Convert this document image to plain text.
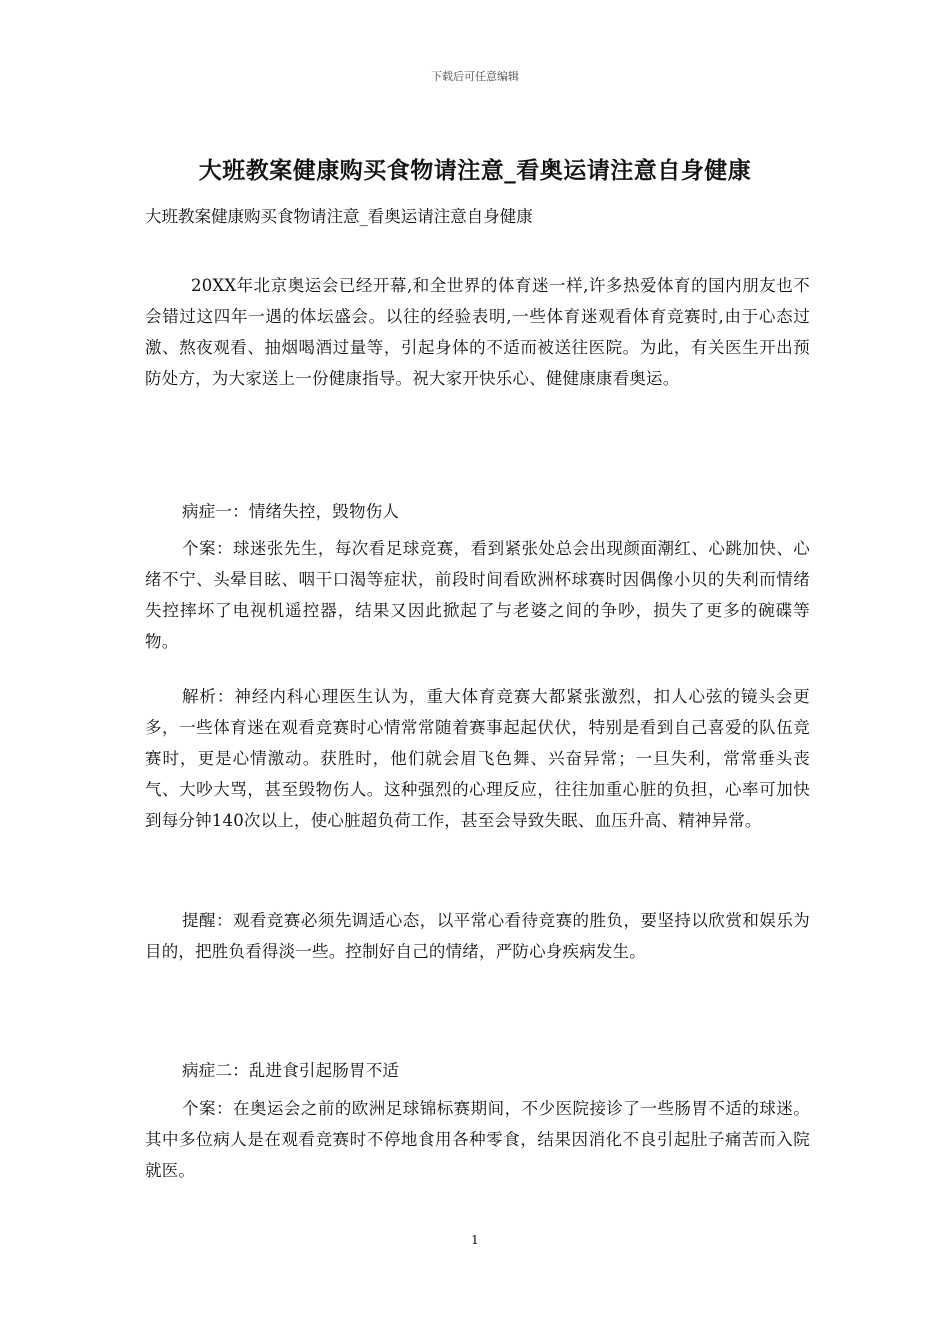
下载后可任意编辑
大班教案健康购买食物请注意_看奥运请注意自身健康
大班教案健康购买食物请注意_看奥运请注意自身健康
20XX年北京奥运会已经开幕,和全世界的体育迷一样,许多热爱体育的国内朋友也不会错过这四年一遇的体坛盛会。以往的经验表明,一些体育迷观看体育竞赛时,由于心态过激、熬夜观看、抽烟喝酒过量等，引起身体的不适而被送往医院。为此，有关医生开出预防处方，为大家送上一份健康指导。祝大家开快乐心、健健康康看奥运。
病症一：情绪失控，毁物伤人
个案：球迷张先生，每次看足球竞赛，看到紧张处总会出现颜面潮红、心跳加快、心绪不宁、头晕目眩、咽干口渴等症状，前段时间看欧洲杯球赛时因偶像小贝的失利而情绪失控摔坏了电视机遥控器，结果又因此掀起了与老婆之间的争吵，损失了更多的碗碟等物。
解析：神经内科心理医生认为，重大体育竞赛大都紧张激烈，扣人心弦的镜头会更多，一些体育迷在观看竞赛时心情常常随着赛事起起伏伏，特别是看到自己喜爱的队伍竞赛时，更是心情激动。获胜时，他们就会眉飞色舞、兴奋异常；一旦失利，常常垂头丧气、大吵大骂，甚至毁物伤人。这种强烈的心理反应，往往加重心脏的负担，心率可加快到每分钟140次以上，使心脏超负荷工作，甚至会导致失眠、血压升高、精神异常。
提醒：观看竞赛必须先调适心态，以平常心看待竞赛的胜负，要坚持以欣赏和娱乐为目的，把胜负看得淡一些。控制好自己的情绪，严防心身疾病发生。
病症二：乱进食引起肠胃不适
个案：在奥运会之前的欧洲足球锦标赛期间，不少医院接诊了一些肠胃不适的球迷。其中多位病人是在观看竞赛时不停地食用各种零食，结果因消化不良引起肚子痛苦而入院就医。
1
